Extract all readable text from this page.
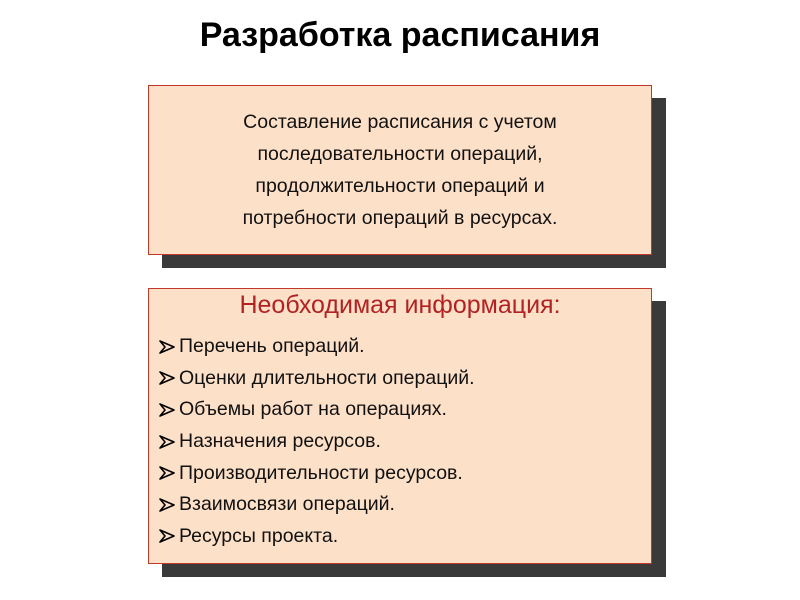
Разработка расписания
Составление расписания с учетом
последовательности операций,
продолжительности операций и
потребности операций в ресурсах.
Необходимая информация:
Перечень операций.
Оценки длительности операций.
Объемы работ на операциях.
Назначения ресурсов.
Производительности ресурсов.
Взаимосвязи операций.
Ресурсы проекта.
